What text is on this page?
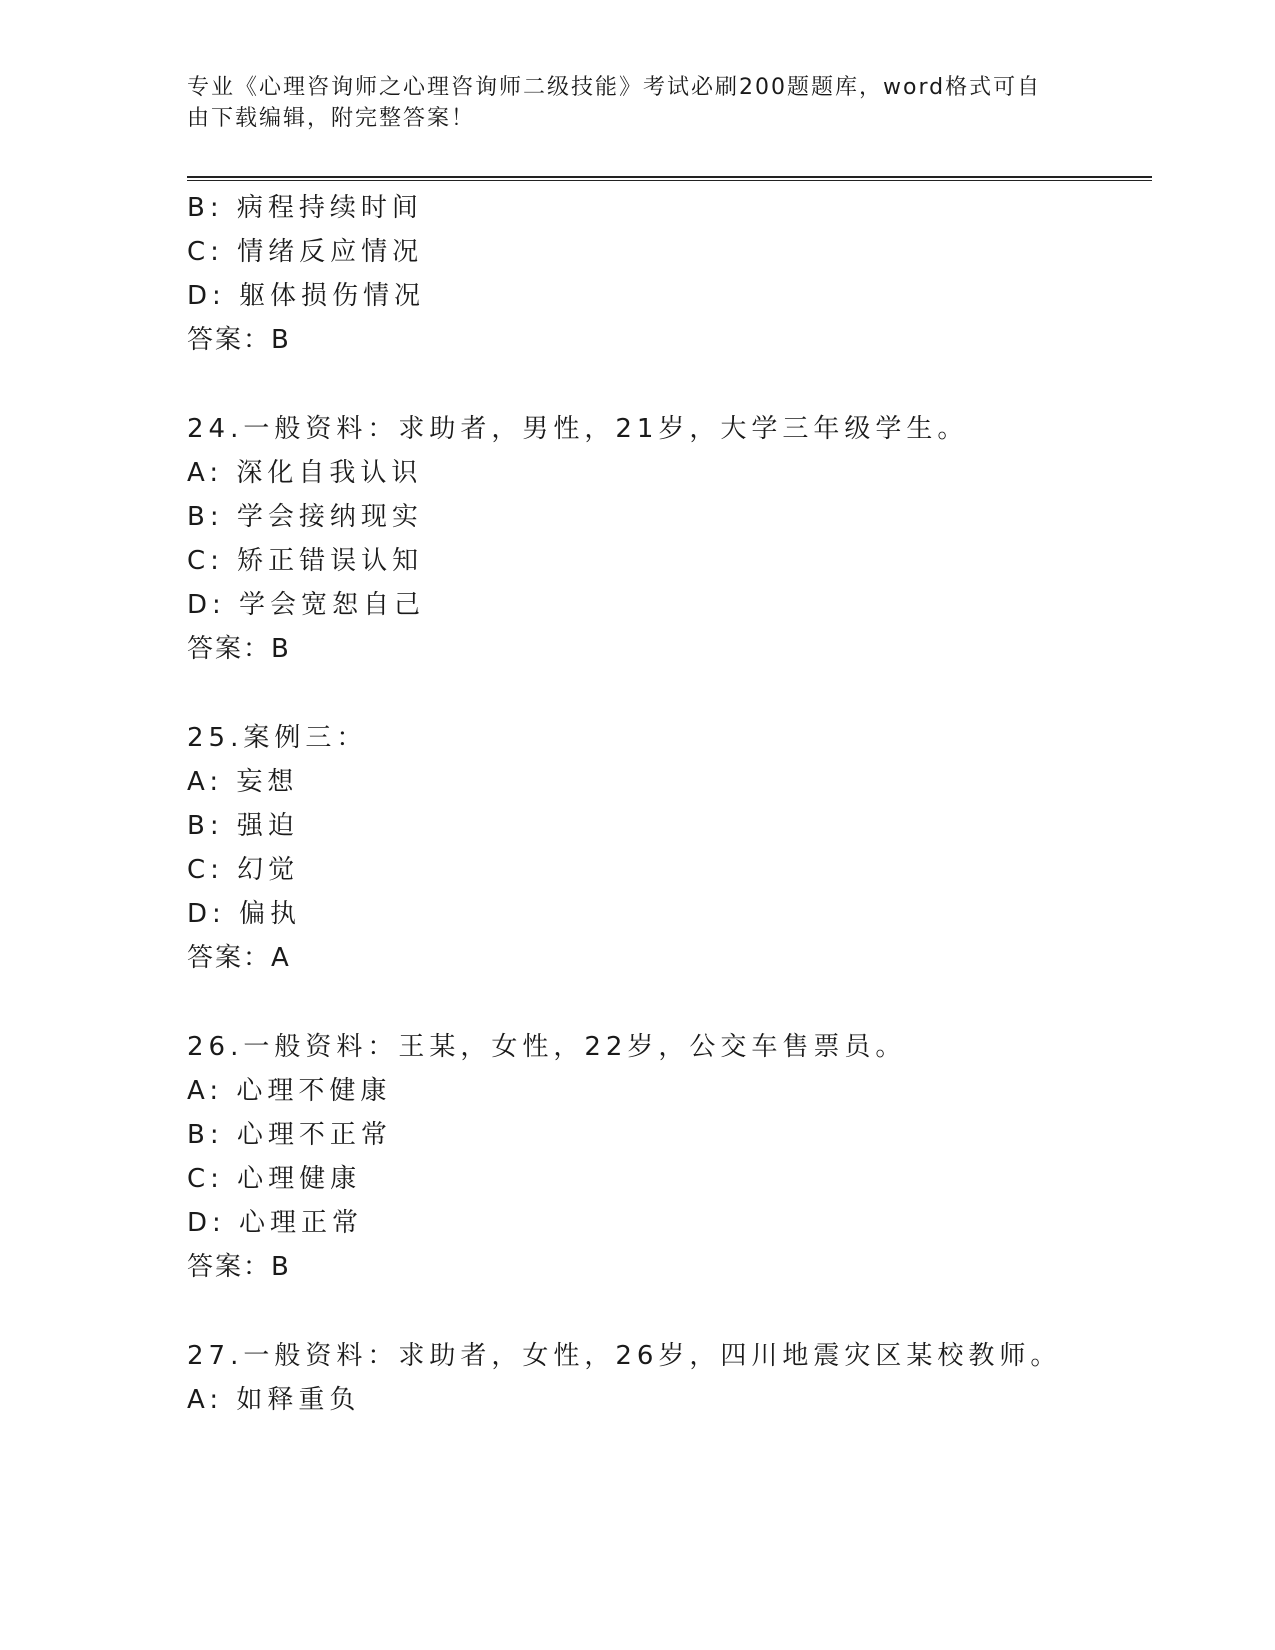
专业《心理咨询师之心理咨询师二级技能》考试必刷200题题库，word格式可自
由下载编辑，附完整答案！
B: 病程持续时间
C: 情绪反应情况
D: 躯体损伤情况
答案：B
24.一般资料：求助者，男性，21岁，大学三年级学生。
A: 深化自我认识
B: 学会接纳现实
C: 矫正错误认知
D: 学会宽恕自己
答案：B
25.案例三：
A: 妄想
B: 强迫
C: 幻觉
D: 偏执
答案：A
26.一般资料：王某，女性，22岁，公交车售票员。
A: 心理不健康
B: 心理不正常
C: 心理健康
D: 心理正常
答案：B
27.一般资料：求助者，女性，26岁，四川地震灾区某校教师。
A: 如释重负
